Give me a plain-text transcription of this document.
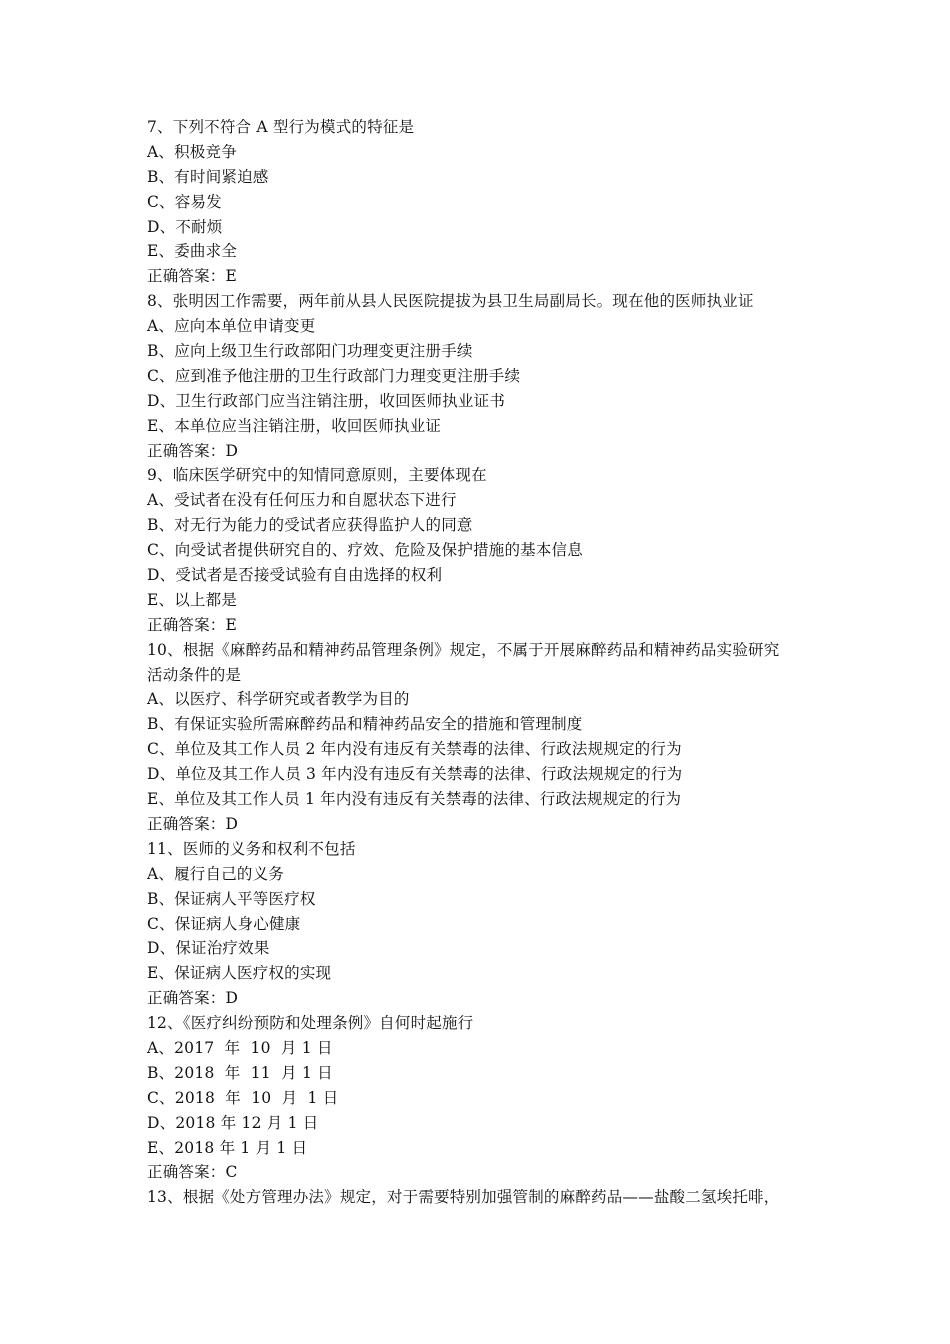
7、下列不符合 A 型行为模式的特征是
A、积极竞争
B、有时间紧迫感
C、容易发
D、不耐烦
E、委曲求全
正确答案：E
8、张明因工作需要，两年前从县人民医院提拔为县卫生局副局长。现在他的医师执业证
A、应向本单位申请变更
B、应向上级卫生行政部阳门功理变更注册手续
C、应到准予他注册的卫生行政部门力理变更注册手续
D、卫生行政部门应当注销注册，收回医师执业证书
E、本单位应当注销注册，收回医师执业证
正确答案：D
9、临床医学研究中的知情同意原则，主要体现在
A、受试者在没有任何压力和自愿状态下进行
B、对无行为能力的受试者应获得监护人的同意
C、向受试者提供研究自的、疗效、危险及保护措施的基本信息
D、受试者是否接受试验有自由选择的权利
E、以上都是
正确答案：E
10、根据《麻醉药品和精神药品管理条例》规定，不属于开展麻醉药品和精神药品实验研究
活动条件的是
A、以医疗、科学研究或者教学为目的
B、有保证实验所需麻醉药品和精神药品安全的措施和管理制度
C、单位及其工作人员 2 年内没有违反有关禁毒的法律、行政法规规定的行为
D、单位及其工作人员 3 年内没有违反有关禁毒的法律、行政法规规定的行为
E、单位及其工作人员 1 年内没有违反有关禁毒的法律、行政法规规定的行为
正确答案：D
11、医师的义务和权利不包括
A、履行自己的义务
B、保证病人平等医疗权
C、保证病人身心健康
D、保证治疗效果
E、保证病人医疗权的实现
正确答案：D
12、《医疗纠纷预防和处理条例》自何时起施行
A、2017  年  10  月 1 日
B、2018  年  11  月 1 日
C、2018  年  10  月  1 日
D、2018 年 12 月 1 日
E、2018 年 1 月 1 日
正确答案：C
13、根据《处方管理办法》规定，对于需要特别加强管制的麻醉药品——盐酸二氢埃托啡，
